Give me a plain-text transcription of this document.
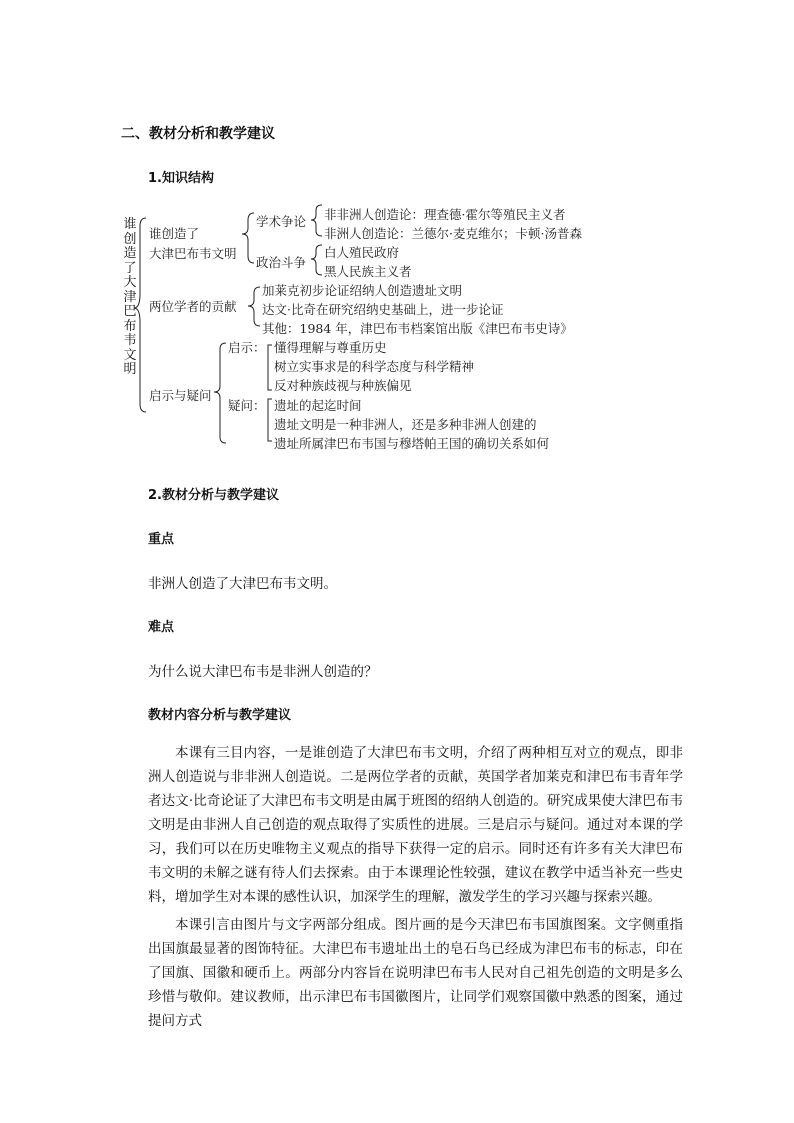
二、教材分析和教学建议
1.知识结构
谁创造了大津巴布韦文明
谁创造了
大津巴布韦文明
学术争论 非非洲人创造论：理查德·霍尔等殖民主义者
非洲人创造论：兰德尔·麦克维尔；卡顿·汤普森
政治斗争
白人殖民政府
黑人民族主义者
两位学者的贡献
加莱克初步论证绍纳人创造遗址文明
达文·比奇在研究绍纳史基础上，进一步论证
其他：1984 年，津巴布韦档案馆出版《津巴布韦史诗》
启示与疑问
启示： 懂得理解与尊重历史
树立实事求是的科学态度与科学精神
反对种族歧视与种族偏见
疑问： 遗址的起迄时间
遗址文明是一种非洲人，还是多种非洲人创建的
遗址所属津巴布韦国与穆塔帕王国的确切关系如何
2.教材分析与教学建议
重点
非洲人创造了大津巴布韦文明。
难点
为什么说大津巴布韦是非洲人创造的？
教材内容分析与教学建议
本课有三目内容，一是谁创造了大津巴布韦文明，介绍了两种相互对立的观点，即非洲人创造说与非非洲人创造说。二是两位学者的贡献，英国学者加莱克和津巴布韦青年学者达文·比奇论证了大津巴布韦文明是由属于班图的绍纳人创造的。研究成果使大津巴布韦文明是由非洲人自己创造的观点取得了实质性的进展。三是启示与疑问。通过对本课的学习，我们可以在历史唯物主义观点的指导下获得一定的启示。同时还有许多有关大津巴布韦文明的未解之谜有待人们去探索。由于本课理论性较强，建议在教学中适当补充一些史料，增加学生对本课的感性认识，加深学生的理解，激发学生的学习兴趣与探索兴趣。
本课引言由图片与文字两部分组成。图片画的是今天津巴布韦国旗图案。文字侧重指出国旗最显著的图饰特征。大津巴布韦遗址出土的皂石鸟已经成为津巴布韦的标志，印在了国旗、国徽和硬币上。两部分内容旨在说明津巴布韦人民对自己祖先创造的文明是多么珍惜与敬仰。建议教师，出示津巴布韦国徽图片，让同学们观察国徽中熟悉的图案，通过提问方式
